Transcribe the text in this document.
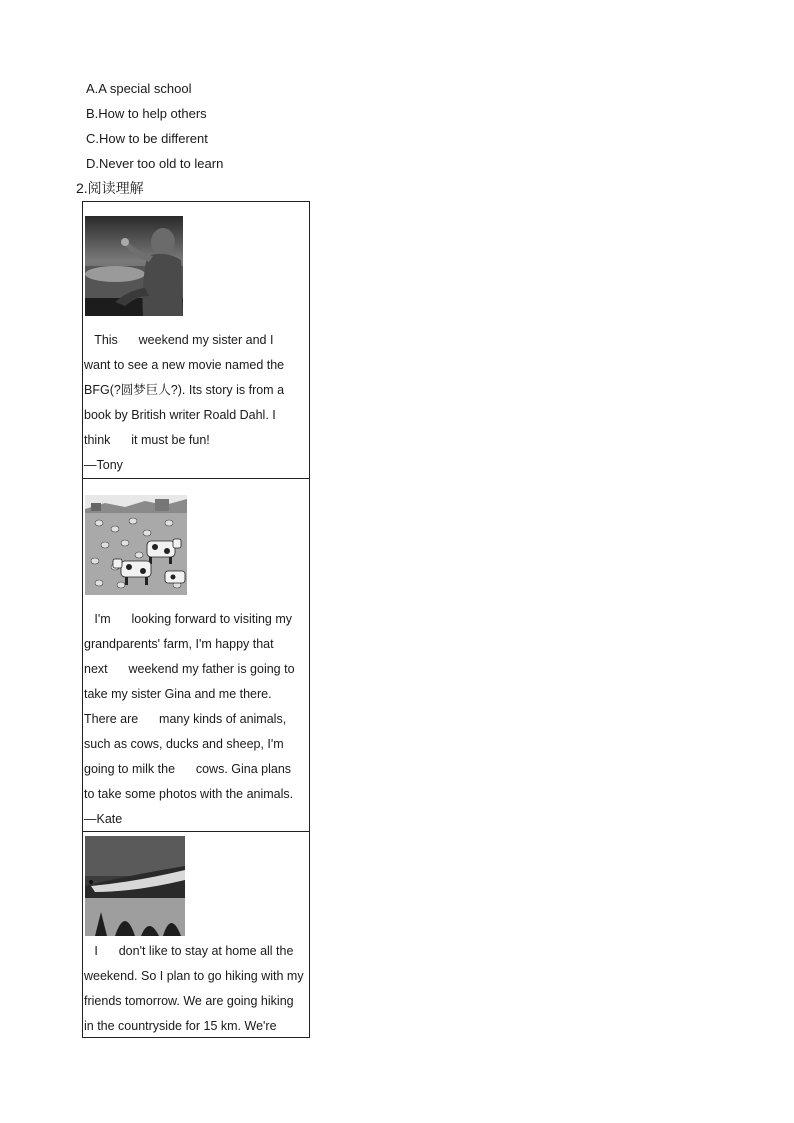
A.A special school
B.How to help others
C.How to be different
D.Never too old to learn
2.阅读理解
This      weekend my sister and I
want to see a new movie named the
BFG(?圆梦巨人?). Its story is from a
book by British writer Roald Dahl. I
think      it must be fun!
—Tony
I'm      looking forward to visiting my
grandparents' farm, I'm happy that
next      weekend my father is going to
take my sister Gina and me there.
There are      many kinds of animals,
such as cows, ducks and sheep, I'm
going to milk the      cows. Gina plans
to take some photos with the animals.
—Kate
I      don't like to stay at home all the
weekend. So I plan to go hiking with my
friends tomorrow. We are going hiking
in the countryside for 15 km. We're
